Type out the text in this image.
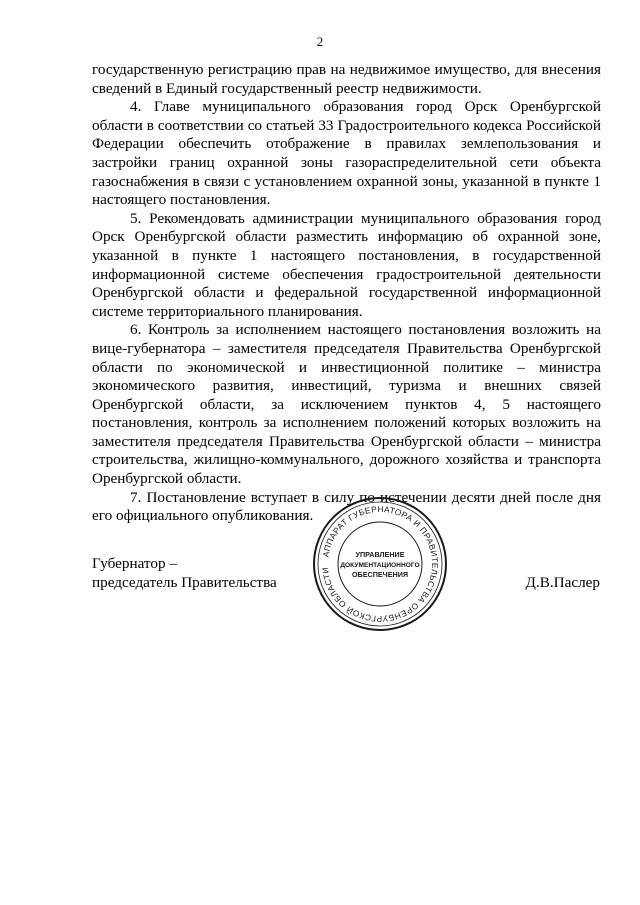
2

государственную регистрацию прав на недвижимое имущество, для внесения сведений в Единый государственный реестр недвижимости.

4. Главе муниципального образования город Орск Оренбургской области в соответствии со статьей 33 Градостроительного кодекса Российской Федерации обеспечить отображение в правилах землепользования и застройки границ охранной зоны газораспределительной сети объекта газоснабжения в связи с установлением охранной зоны, указанной в пункте 1 настоящего постановления.

5. Рекомендовать администрации муниципального образования город Орск Оренбургской области разместить информацию об охранной зоне, указанной в пункте 1 настоящего постановления, в государственной информационной системе обеспечения градостроительной деятельности Оренбургской области и федеральной государственной информационной системе территориального планирования.

6. Контроль за исполнением настоящего постановления возложить на вице-губернатора – заместителя председателя Правительства Оренбургской области по экономической и инвестиционной политике – министра экономического развития, инвестиций, туризма и внешних связей Оренбургской области, за исключением пунктов 4, 5 настоящего постановления, контроль за исполнением положений которых возложить на заместителя председателя Правительства Оренбургской области – министра строительства, жилищно-коммунального, дорожного хозяйства и транспорта Оренбургской области.

7. Постановление вступает в силу по истечении десяти дней после дня его официального опубликования.

Губернатор –
председатель Правительства	Д.В.Паслер
АППАРАТ ГУБЕРНАТОРА И ПРАВИТЕЛЬСТВА ОРЕНБУРГСКОЙ ОБЛАСТИ
УПРАВЛЕНИЕ
ДОКУМЕНТАЦИОННОГО
ОБЕСПЕЧЕНИЯ
